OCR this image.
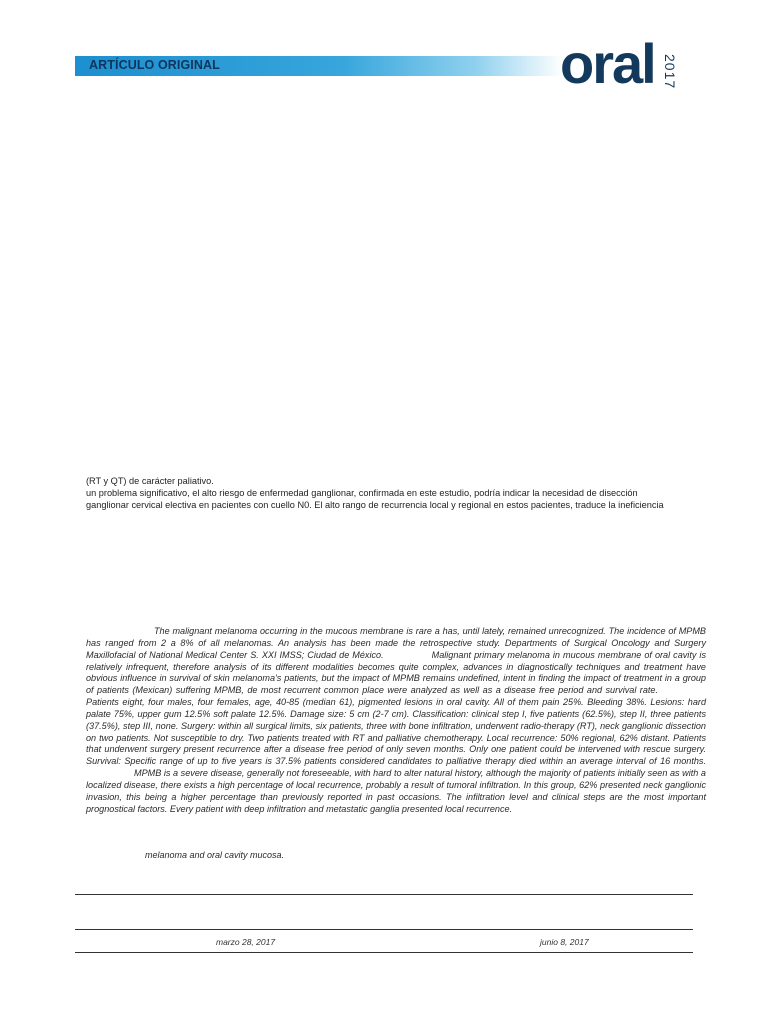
ARTÍCULO ORIGINAL	oral 2017
(RT y QT) de carácter paliativo.
un problema significativo, el alto riesgo de enfermedad ganglionar, confirmada en este estudio, podría indicar la necesidad de disección
ganglionar cervical electiva en pacientes con cuello N0. El alto rango de recurrencia local y regional en estos pacientes, traduce la ineficiencia
The malignant melanoma occurring in the mucous membrane is rare a has, until lately, remained unrecognized. The incidence of MPMB has ranged from 2 a 8% of all melanomas. An analysis has been made the retrospective study. Departments of Surgical Oncology and Surgery Maxillofacial of National Medical Center S. XXI IMSS; Ciudad de México.	Malignant primary melanoma in mucous membrane of oral cavity is relatively infrequent, therefore analysis of its different modalities becomes quite complex, advances in diagnostically techniques and treatment have obvious influence in survival of skin melanoma's patients, but the impact of MPMB remains undefined, intent in finding the impact of treatment in a group of patients (Mexican) suffering MPMB, de most recurrent common place were analyzed as well as a disease free period and survival rate.Patients eight, four males, four females, age, 40-85 (median 61), pigmented lesions in oral cavity. All of them pain 25%. Bleeding 38%. Lesions: hard palate 75%, upper gum 12.5% soft palate 12.5%. Damage size: 5 cm (2-7 cm). Classification: clinical step I, five patients (62.5%), step II, three patients (37.5%), step III, none. Surgery: within all surgical limits, six patients, three with bone infiltration, underwent radio-therapy (RT), neck ganglionic dissection on two patients. Not susceptible to dry. Two patients treated with RT and palliative chemotherapy. Local recurrence: 50% regional, 62% distant. Patients that underwent surgery present recurrence after a disease free period of only seven months. Only one patient could be intervened with rescue surgery. Survival: Specific range of up to five years is 37.5% patients considered candidates to palliative therapy died within an average interval of 16 months.MPMB is a severe disease, generally not foreseeable, with hard to alter natural history, although the majority of patients initially seen as with a localized disease, there exists a high percentage of local recurrence, probably a result of tumoral infiltration. In this group, 62% presented neck ganglionic invasion, this being a higher percentage than previously reported in past occasions. The infiltration level and clinical steps are the most important prognostical factors. Every patient with deep infiltration and metastatic ganglia presented local recurrence.
melanoma and oral cavity mucosa.
marzo 28, 2017	junio 8, 2017
